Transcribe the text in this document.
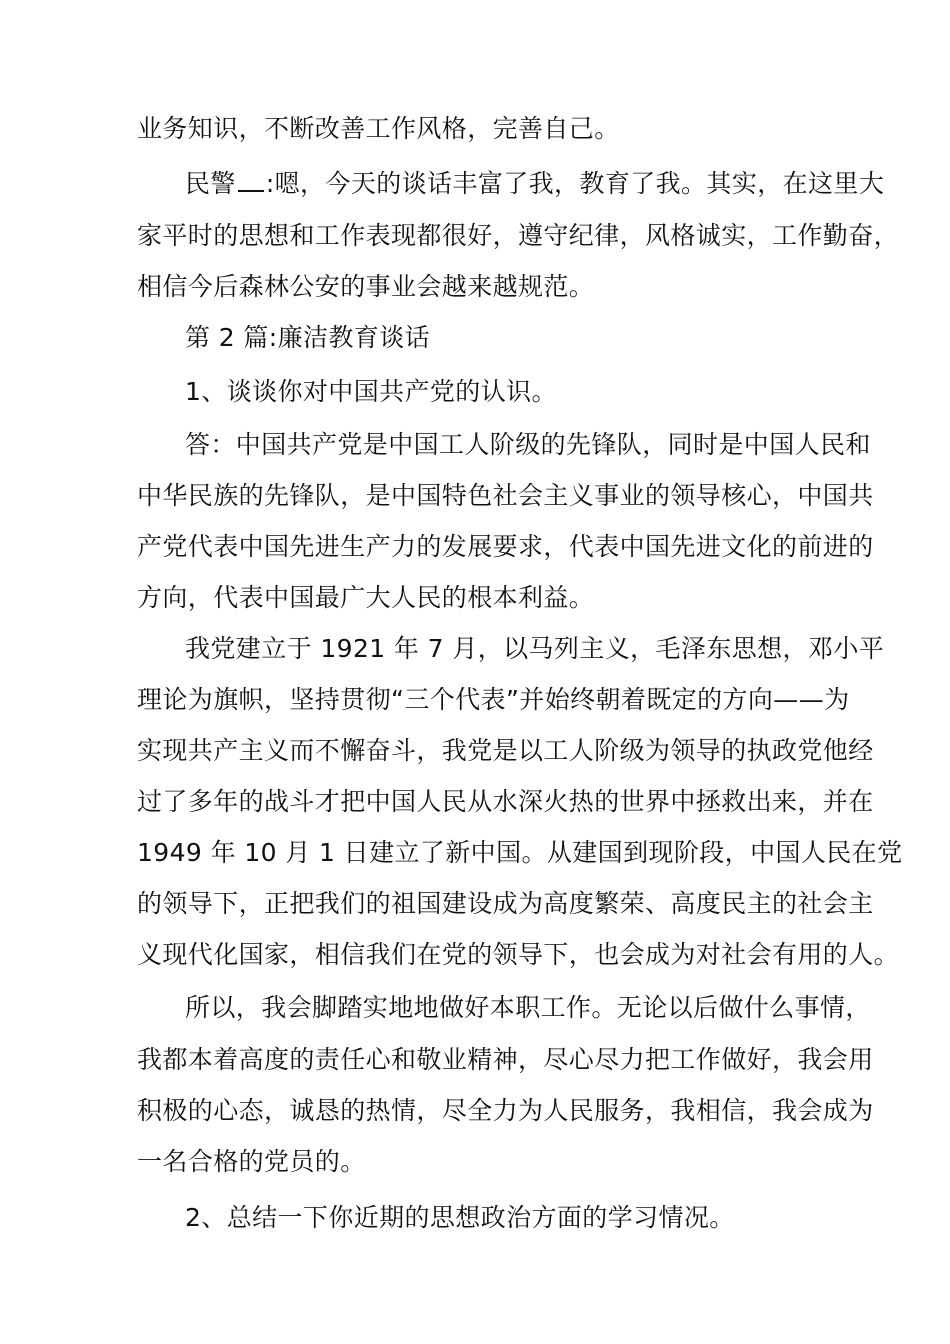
业务知识，不断改善工作风格，完善自己。
民警 :嗯，今天的谈话丰富了我，教育了我。其实，在这里大
家平时的思想和工作表现都很好，遵守纪律，风格诚实，工作勤奋，
相信今后森林公安的事业会越来越规范。
第 2 篇:廉洁教育谈话
1、谈谈你对中国共产党的认识。
答：中国共产党是中国工人阶级的先锋队，同时是中国人民和
中华民族的先锋队，是中国特色社会主义事业的领导核心，中国共
产党代表中国先进生产力的发展要求，代表中国先进文化的前进的
方向，代表中国最广大人民的根本利益。
我党建立于 1921 年 7 月，以马列主义，毛泽东思想，邓小平
理论为旗帜，坚持贯彻“三个代表”并始终朝着既定的方向——为
实现共产主义而不懈奋斗，我党是以工人阶级为领导的执政党他经
过了多年的战斗才把中国人民从水深火热的世界中拯救出来，并在
1949 年 10 月 1 日建立了新中国。从建国到现阶段，中国人民在党
的领导下，正把我们的祖国建设成为高度繁荣、高度民主的社会主
义现代化国家，相信我们在党的领导下，也会成为对社会有用的人。
所以，我会脚踏实地地做好本职工作。无论以后做什么事情，
我都本着高度的责任心和敬业精神，尽心尽力把工作做好，我会用
积极的心态，诚恳的热情，尽全力为人民服务，我相信，我会成为
一名合格的党员的。
2、总结一下你近期的思想政治方面的学习情况。
